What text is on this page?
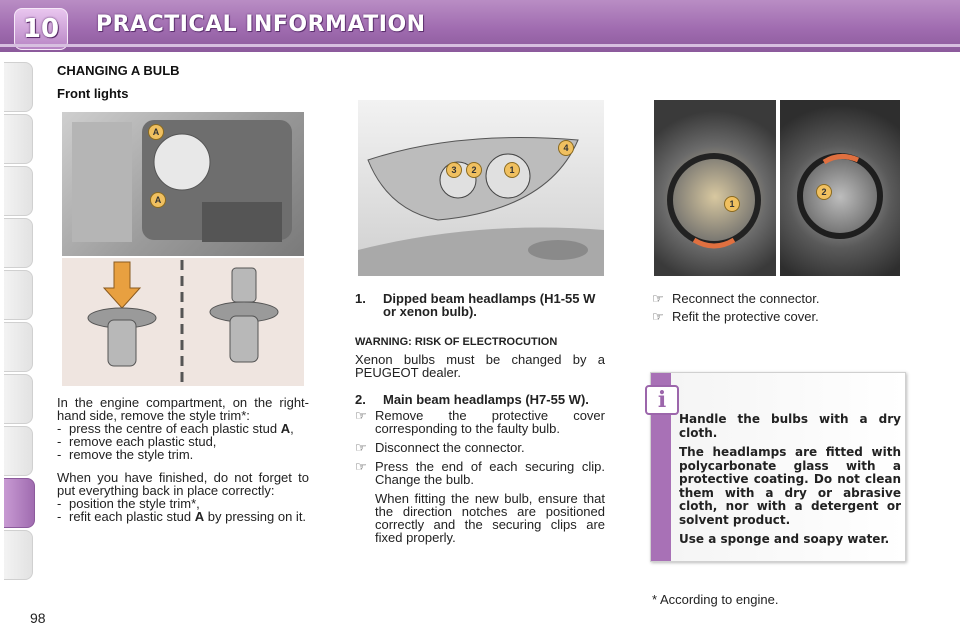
10	PRACTICAL INFORMATION
CHANGING A BULB
Front lights
A
A
In the engine compartment, on the right-hand side, remove the style trim*:
- press the centre of each plastic stud A,
- remove each plastic stud,
- remove the style trim.
When you have finished, do not forget to put everything back in place correctly:
- position the style trim*,
- refit each plastic stud A by pressing on it.
3	2	1
4
1. Dipped beam headlamps (H1-55 W or xenon bulb).
WARNING: RISK OF ELECTROCUTION
Xenon bulbs must be changed by a PEUGEOT dealer.
2. Main beam headlamps (H7-55 W).
☞ Remove the protective cover corresponding to the faulty bulb.
☞ Disconnect the connector.
☞ Press the end of each securing clip. Change the bulb.
When fitting the new bulb, ensure that the direction notches are positioned correctly and the securing clips are fixed properly.
1
2
☞ Reconnect the connector.
☞ Refit the protective cover.
i
Handle the bulbs with a dry cloth.
The headlamps are fitted with polycarbonate glass with a protective coating. Do not clean them with a dry or abrasive cloth, nor with a detergent or solvent product.
Use a sponge and soapy water.
* According to engine.
98
